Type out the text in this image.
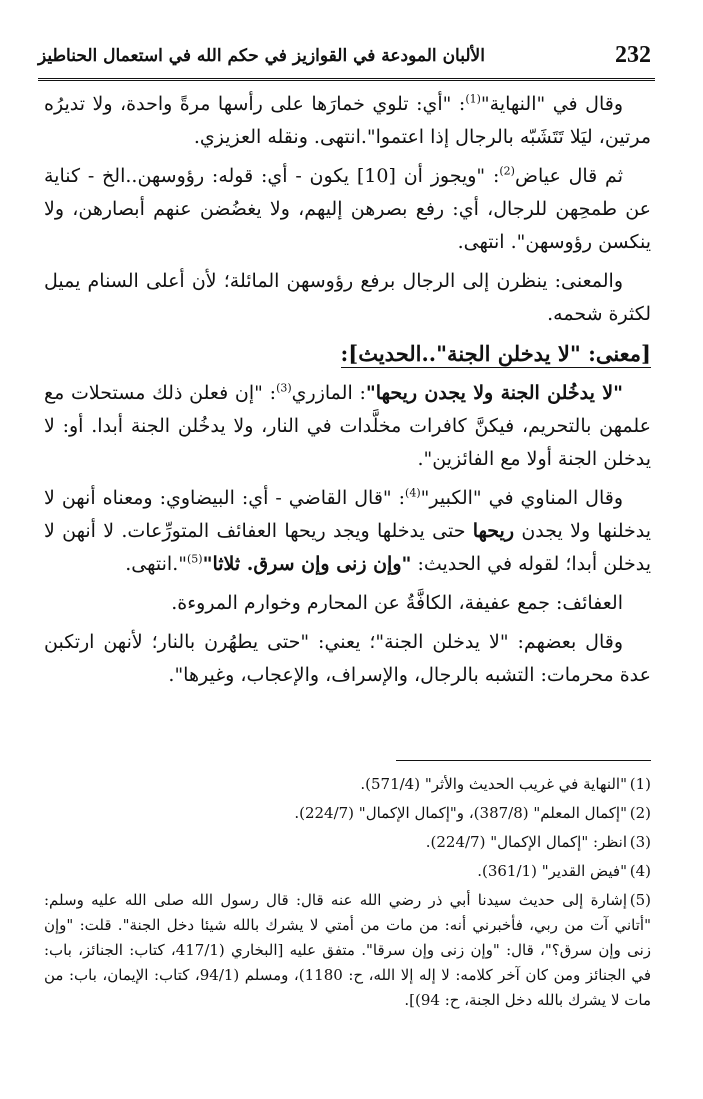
232
الألبان المودعة في القوازيز في حكم الله في استعمال الحناطيز

وقال في "النهاية"$^{(1)}$: "أي: تلوي خمارَها على رأسها مرةً واحدة، ولا تديرُه مرتين، ليَلا تَتَشَبّه بالرجال إذا اعتموا".انتهى. ونقله العزيزي.

ثم قال عياض$^{(2)}$: "ويجوز أن [10] يكون - أي: قوله: رؤوسهن..الخ - كناية عن طمحِهن للرجال، أي: رفع بصرهن إليهم، ولا يغضُضن عنهم أبصارهن، ولا ينكسن رؤوسهن". انتهى.

والمعنى: ينظرن إلى الرجال برفع رؤوسهن المائلة؛ لأن أعلى السنام يميل لكثرة شحمه.

[معنى: "لا يدخلن الجنة"..الحديث]:

"لا يدخُلن الجنة ولا يجدن ريحها": المازري$^{(3)}$: "إن فعلن ذلك مستحلات مع علمهن بالتحريم، فيكنَّ كافرات مخلَّدات في النار، ولا يدخُلن الجنة أبدا. أو: لا يدخلن الجنة أولا مع الفائزين".

وقال المناوي في "الكبير"$^{(4)}$: "قال القاضي - أي: البيضاوي: ومعناه أنهن لا يدخلنها ولا يجدن ريحها حتى يدخلها ويجد ريحها العفائف المتورِّعات. لا أنهن لا يدخلن أبدا؛ لقوله في الحديث: "وإن زنى وإن سرق. ثلاثا"$^{(5)}$".انتهى.

العفائف: جمع عفيفة، الكافَّةُ عن المحارم وخوارم المروءة.

وقال بعضهم: "لا يدخلن الجنة"؛ يعني: "حتى يطهُرن بالنار؛ لأنهن ارتكبن عدة محرمات: التشبه بالرجال، والإسراف، والإعجاب، وغيرها".

(1)"النهاية في غريب الحديث والأثر" (571/4).

(2)"إكمال المعلم" (387/8)، و"إكمال الإكمال" (224/7).

(3)انظر: "إكمال الإكمال" (224/7).

(4)"فيض القدير" (361/1).

(5)إشارة إلى حديث سيدنا أبي ذر رضي الله عنه قال: قال رسول الله صلى الله عليه وسلم: "أتاني آت من ربي، فأخبرني أنه: من مات من أمتي لا يشرك بالله شيئا دخل الجنة". قلت: "وإن زنى وإن سرق؟"، قال: "وإن زنى وإن سرقا". متفق عليه [البخاري (417/1، كتاب: الجنائز، باب: في الجنائز ومن كان آخر كلامه: لا إله إلا الله، ح: 1180)، ومسلم (94/1، كتاب: الإيمان، باب: من مات لا يشرك بالله دخل الجنة، ح: 94)].
